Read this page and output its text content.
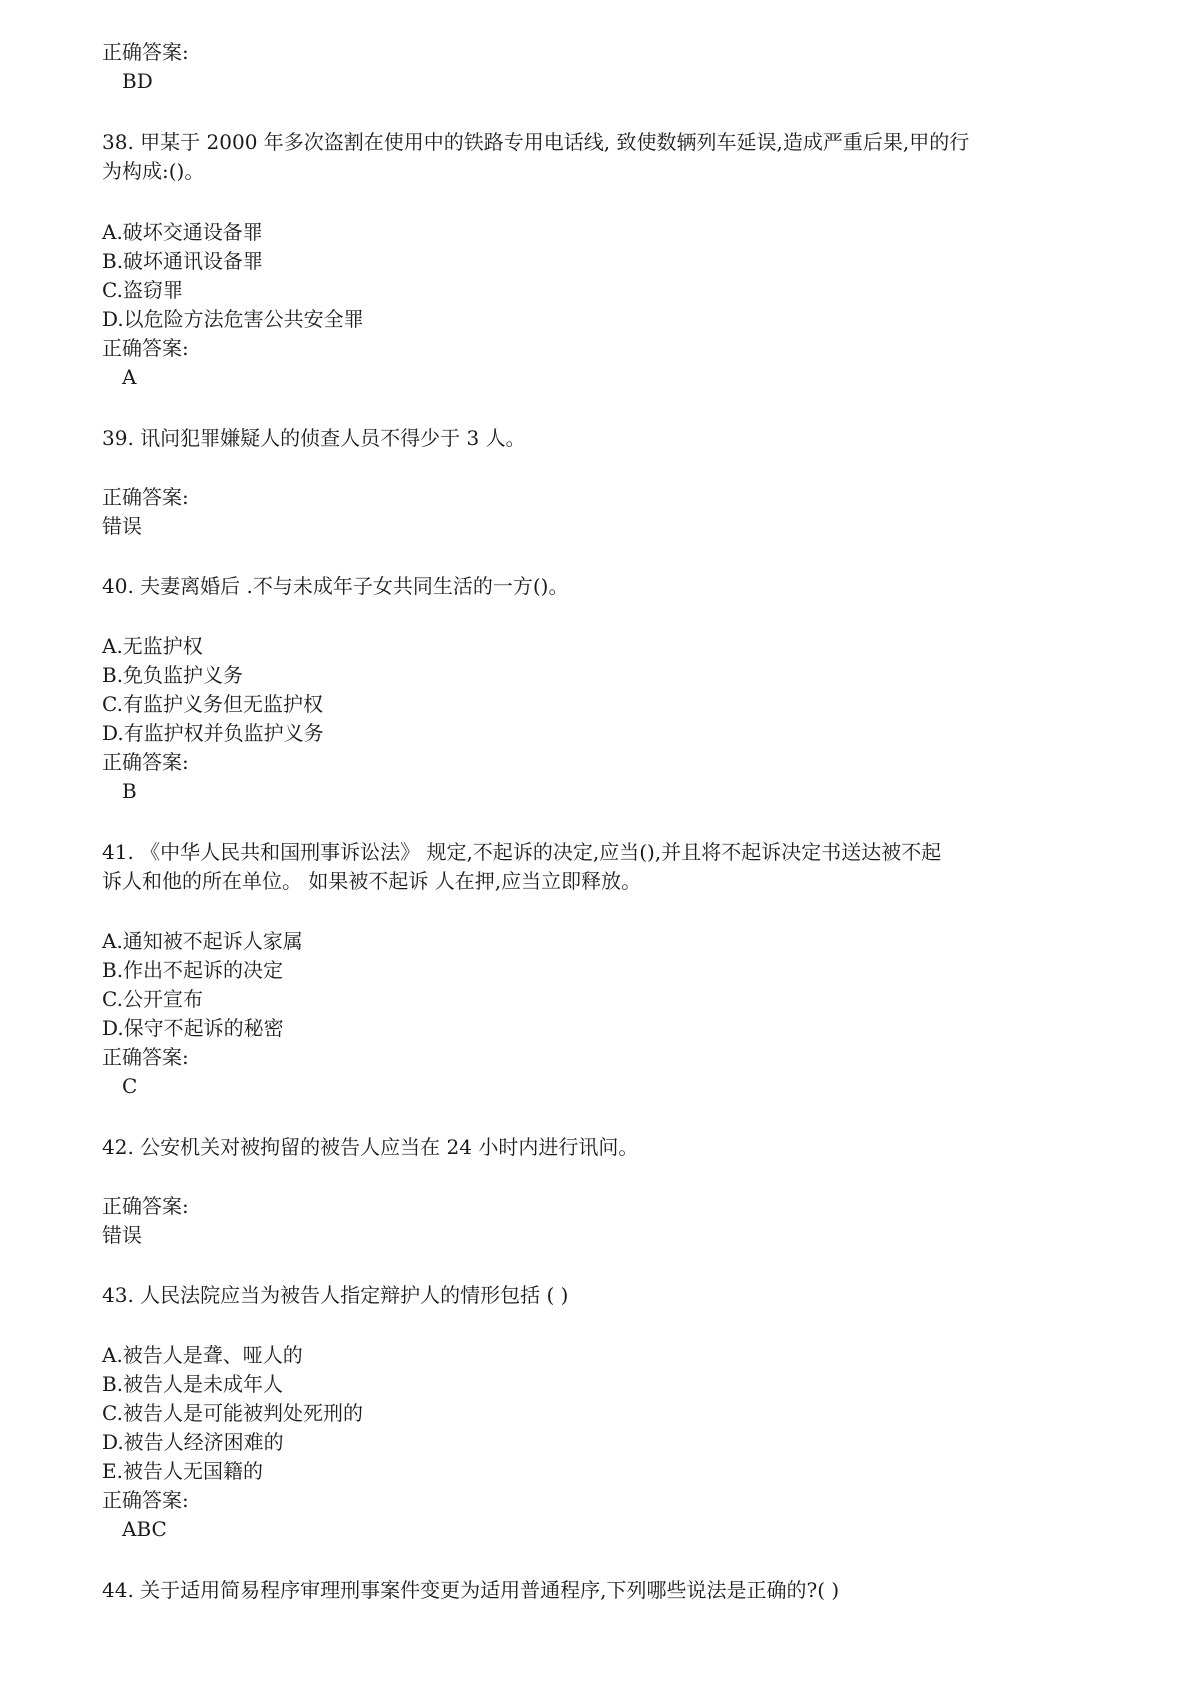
正确答案:
BD
38. 甲某于 2000 年多次盗割在使用中的铁路专用电话线, 致使数辆列车延误,造成严重后果,甲的行
为构成:()。
A.破坏交通设备罪
B.破坏通讯设备罪
C.盗窃罪
D.以危险方法危害公共安全罪
正确答案:
A
39. 讯问犯罪嫌疑人的侦查人员不得少于 3 人。
正确答案:
错误
40. 夫妻离婚后 .不与未成年子女共同生活的一方()。
A.无监护权
B.免负监护义务
C.有监护义务但无监护权
D.有监护权并负监护义务
正确答案:
B
41. 《中华人民共和国刑事诉讼法》 规定,不起诉的决定,应当(),并且将不起诉决定书送达被不起
诉人和他的所在单位。 如果被不起诉 人在押,应当立即释放。
A.通知被不起诉人家属
B.作出不起诉的决定
C.公开宣布
D.保守不起诉的秘密
正确答案:
C
42. 公安机关对被拘留的被告人应当在 24 小时内进行讯问。
正确答案:
错误
43. 人民法院应当为被告人指定辩护人的情形包括 ( )
A.被告人是聋、哑人的
B.被告人是未成年人
C.被告人是可能被判处死刑的
D.被告人经济困难的
E.被告人无国籍的
正确答案:
ABC
44. 关于适用简易程序审理刑事案件变更为适用普通程序,下列哪些说法是正确的?( )
